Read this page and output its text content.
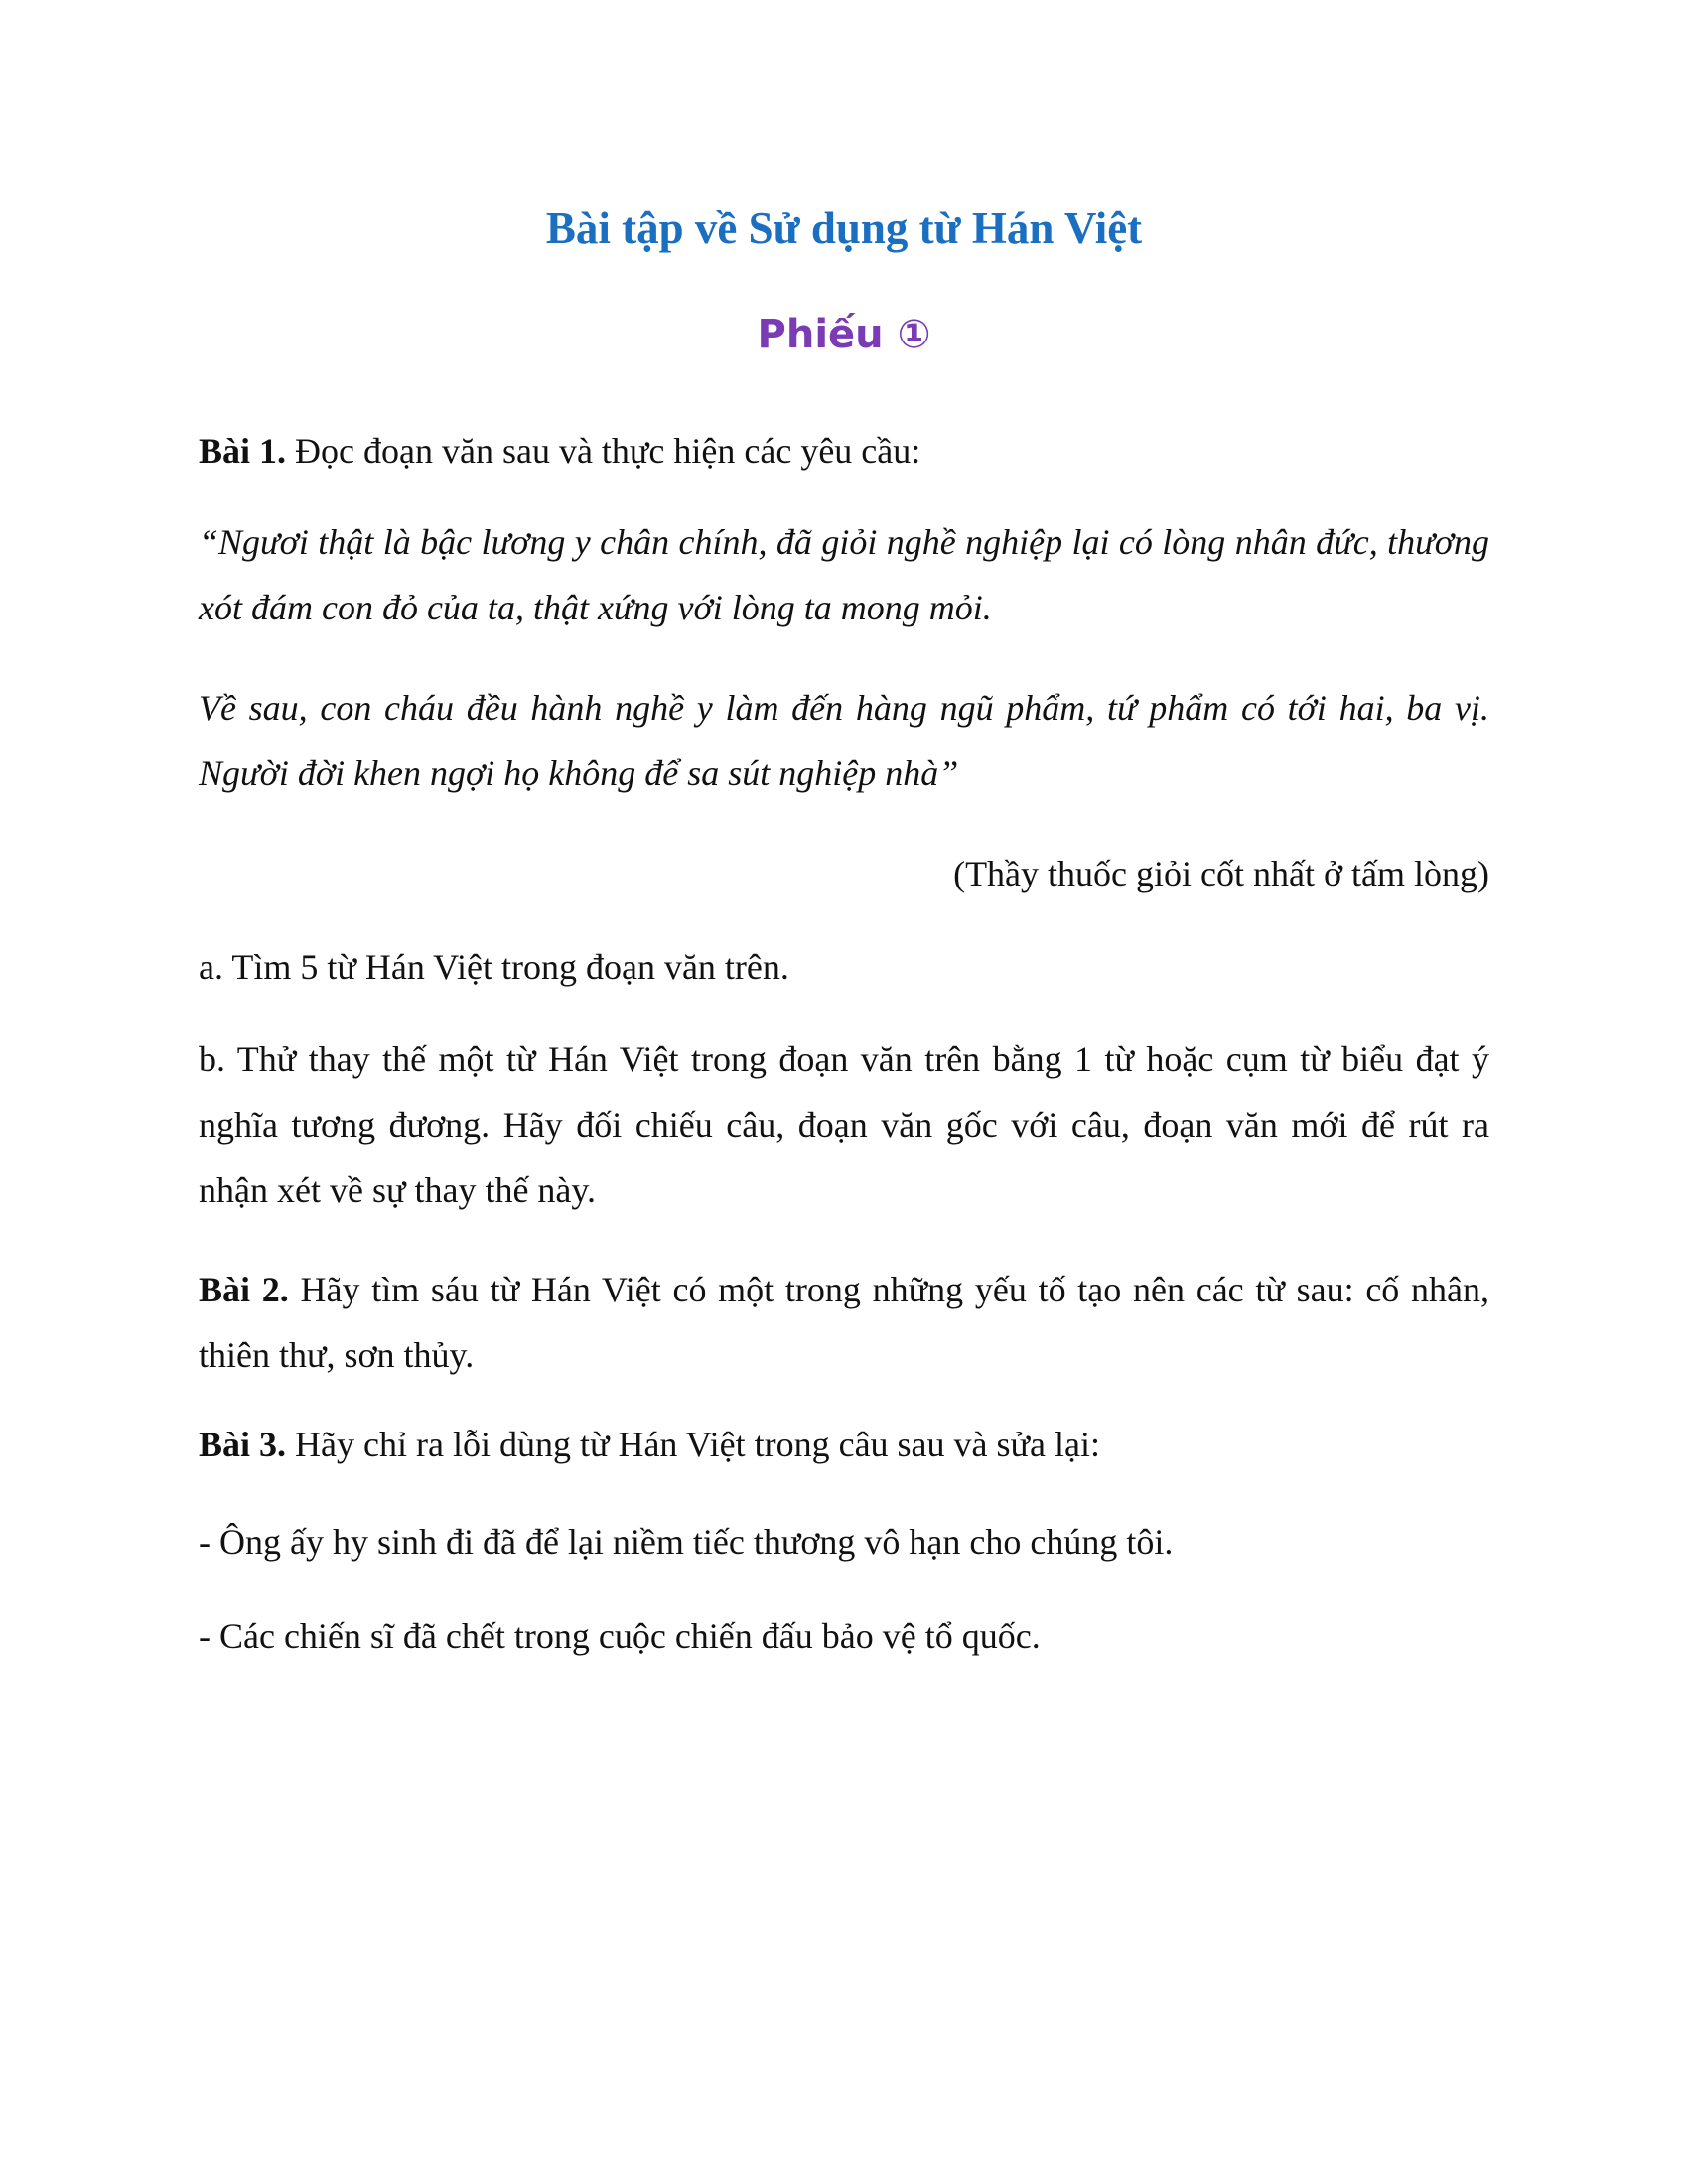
Bài tập về Sử dụng từ Hán Việt
Phiếu ①
Bài 1. Đọc đoạn văn sau và thực hiện các yêu cầu:
“Ngươi thật là bậc lương y chân chính, đã giỏi nghề nghiệp lại có lòng nhân đức, thương xót đám con đỏ của ta, thật xứng với lòng ta mong mỏi.
Về sau, con cháu đều hành nghề y làm đến hàng ngũ phẩm, tứ phẩm có tới hai, ba vị. Người đời khen ngợi họ không để sa sút nghiệp nhà”
(Thầy thuốc giỏi cốt nhất ở tấm lòng)
a. Tìm 5 từ Hán Việt trong đoạn văn trên.
b. Thử thay thế một từ Hán Việt trong đoạn văn trên bằng 1 từ hoặc cụm từ biểu đạt ý nghĩa tương đương. Hãy đối chiếu câu, đoạn văn gốc với câu, đoạn văn mới để rút ra nhận xét về sự thay thế này.
Bài 2. Hãy tìm sáu từ Hán Việt có một trong những yếu tố tạo nên các từ sau: cố nhân, thiên thư, sơn thủy.
Bài 3. Hãy chỉ ra lỗi dùng từ Hán Việt trong câu sau và sửa lại:
- Ông ấy hy sinh đi đã để lại niềm tiếc thương vô hạn cho chúng tôi.
- Các chiến sĩ đã chết trong cuộc chiến đấu bảo vệ tổ quốc.
